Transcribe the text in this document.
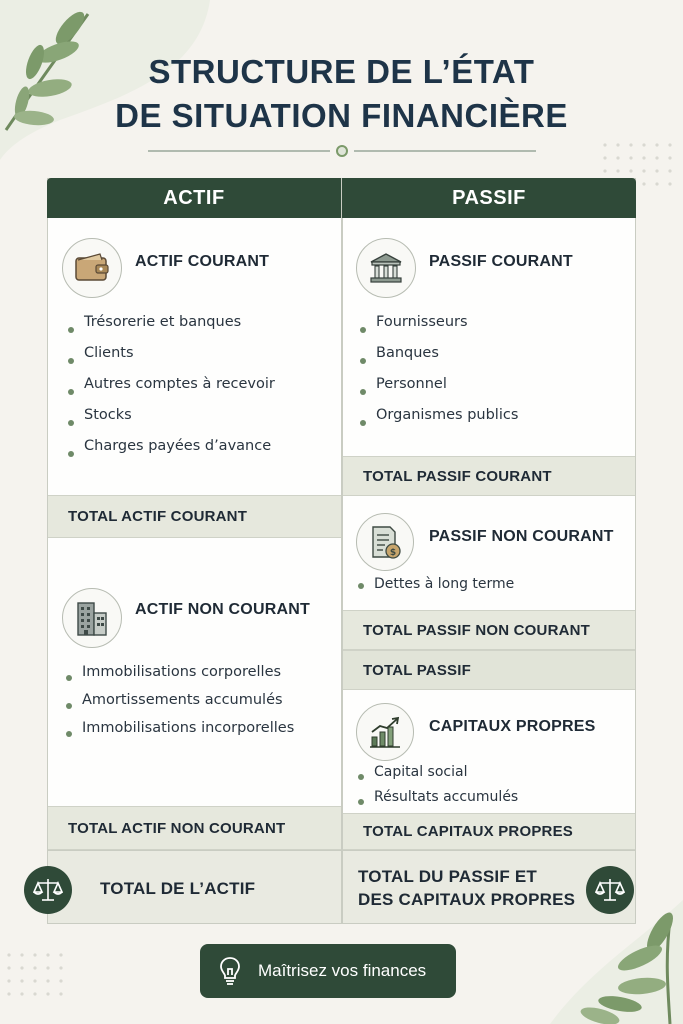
STRUCTURE DE L’ÉTAT
DE SITUATION FINANCIÈRE
ACTIF	PASSIF
ACTIF COURANT
Trésorerie et banques
Clients
Autres comptes à recevoir
Stocks
Charges payées d’avance
TOTAL ACTIF COURANT
ACTIF NON COURANT
Immobilisations corporelles
Amortissements accumulés
Immobilisations incorporelles
TOTAL ACTIF NON COURANT
TOTAL DE L’ACTIF
PASSIF COURANT
Fournisseurs
Banques
Personnel
Organismes publics
TOTAL PASSIF COURANT
$
PASSIF NON COURANT
Dettes à long terme
TOTAL PASSIF NON COURANT
TOTAL PASSIF
CAPITAUX PROPRES
Capital social
Résultats accumulés
TOTAL CAPITAUX PROPRES
TOTAL DU PASSIF ET
DES CAPITAUX PROPRES
Maîtrisez vos finances
